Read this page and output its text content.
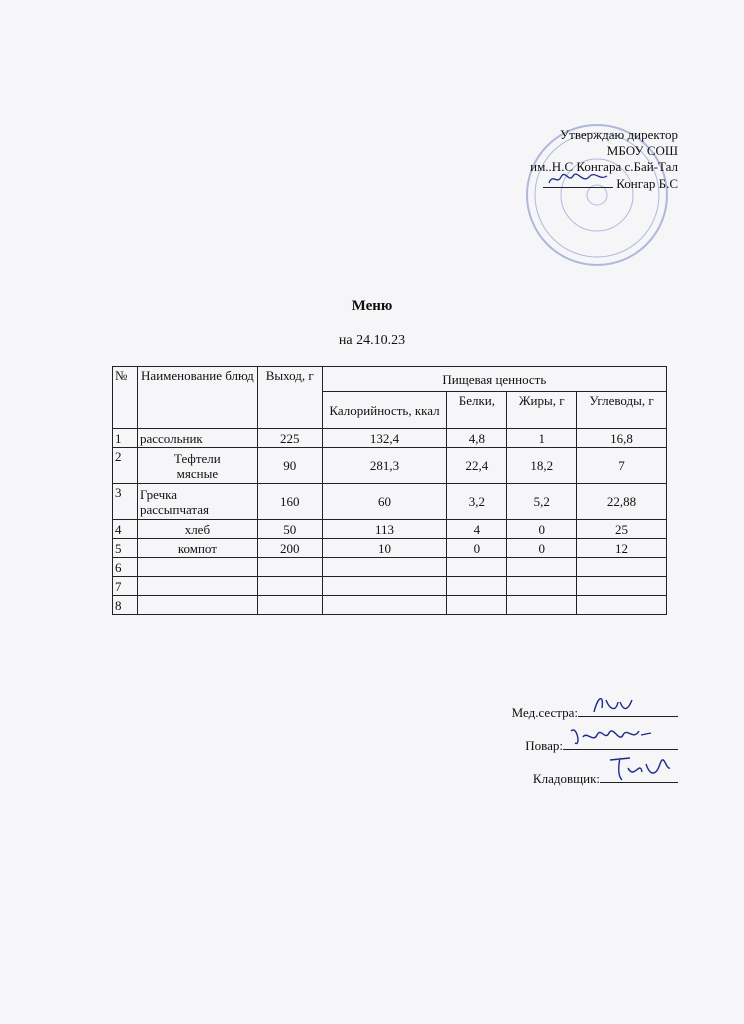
Утверждаю директор
МБОУ СОШ
им..Н.С Конгара с.Бай-Тал
Конгар Б.С
Меню
на 24.10.23
№	Наименование блюд	Выход, г	Пищевая ценность			
			Калорийность, ккал	Белки,	Жиры, г	Углеводы, г
1	рассольник	225	132,4	4,8	1	16,8
2	Тефтели мясные	90	281,3	22,4	18,2	7
3	Гречка рассыпчатая	160	60	3,2	5,2	22,88
4	хлеб	50	113	4	0	25
5	компот	200	10	0	0	12
6						
7						
8						
Мед.сестра:
Повар:
Кладовщик:
